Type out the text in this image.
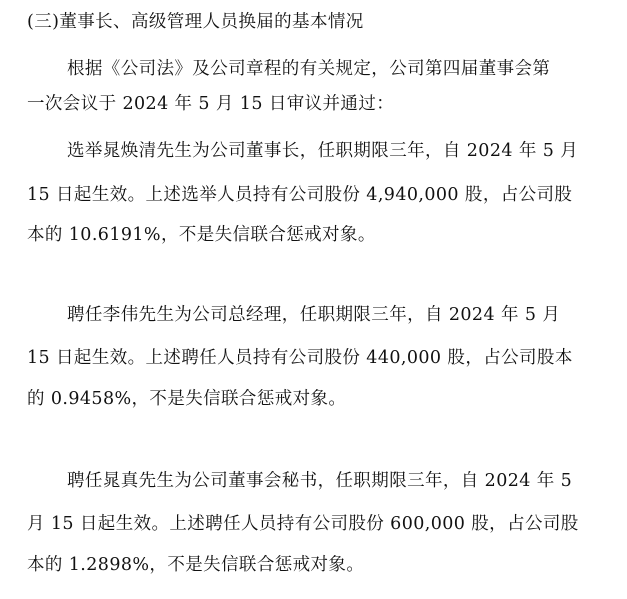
(三)董事长、高级管理人员换届的基本情况
根据《公司法》及公司章程的有关规定，公司第四届董事会第
一次会议于 2024 年 5 月 15 日审议并通过：
选举晁焕清先生为公司董事长，任职期限三年，自 2024 年 5 月
15 日起生效。上述选举人员持有公司股份 4,940,000 股，占公司股
本的 10.6191%，不是失信联合惩戒对象。
聘任李伟先生为公司总经理，任职期限三年，自 2024 年 5 月
15 日起生效。上述聘任人员持有公司股份 440,000 股，占公司股本
的 0.9458%，不是失信联合惩戒对象。
聘任晁真先生为公司董事会秘书，任职期限三年，自 2024 年 5
月 15 日起生效。上述聘任人员持有公司股份 600,000 股，占公司股
本的 1.2898%，不是失信联合惩戒对象。
